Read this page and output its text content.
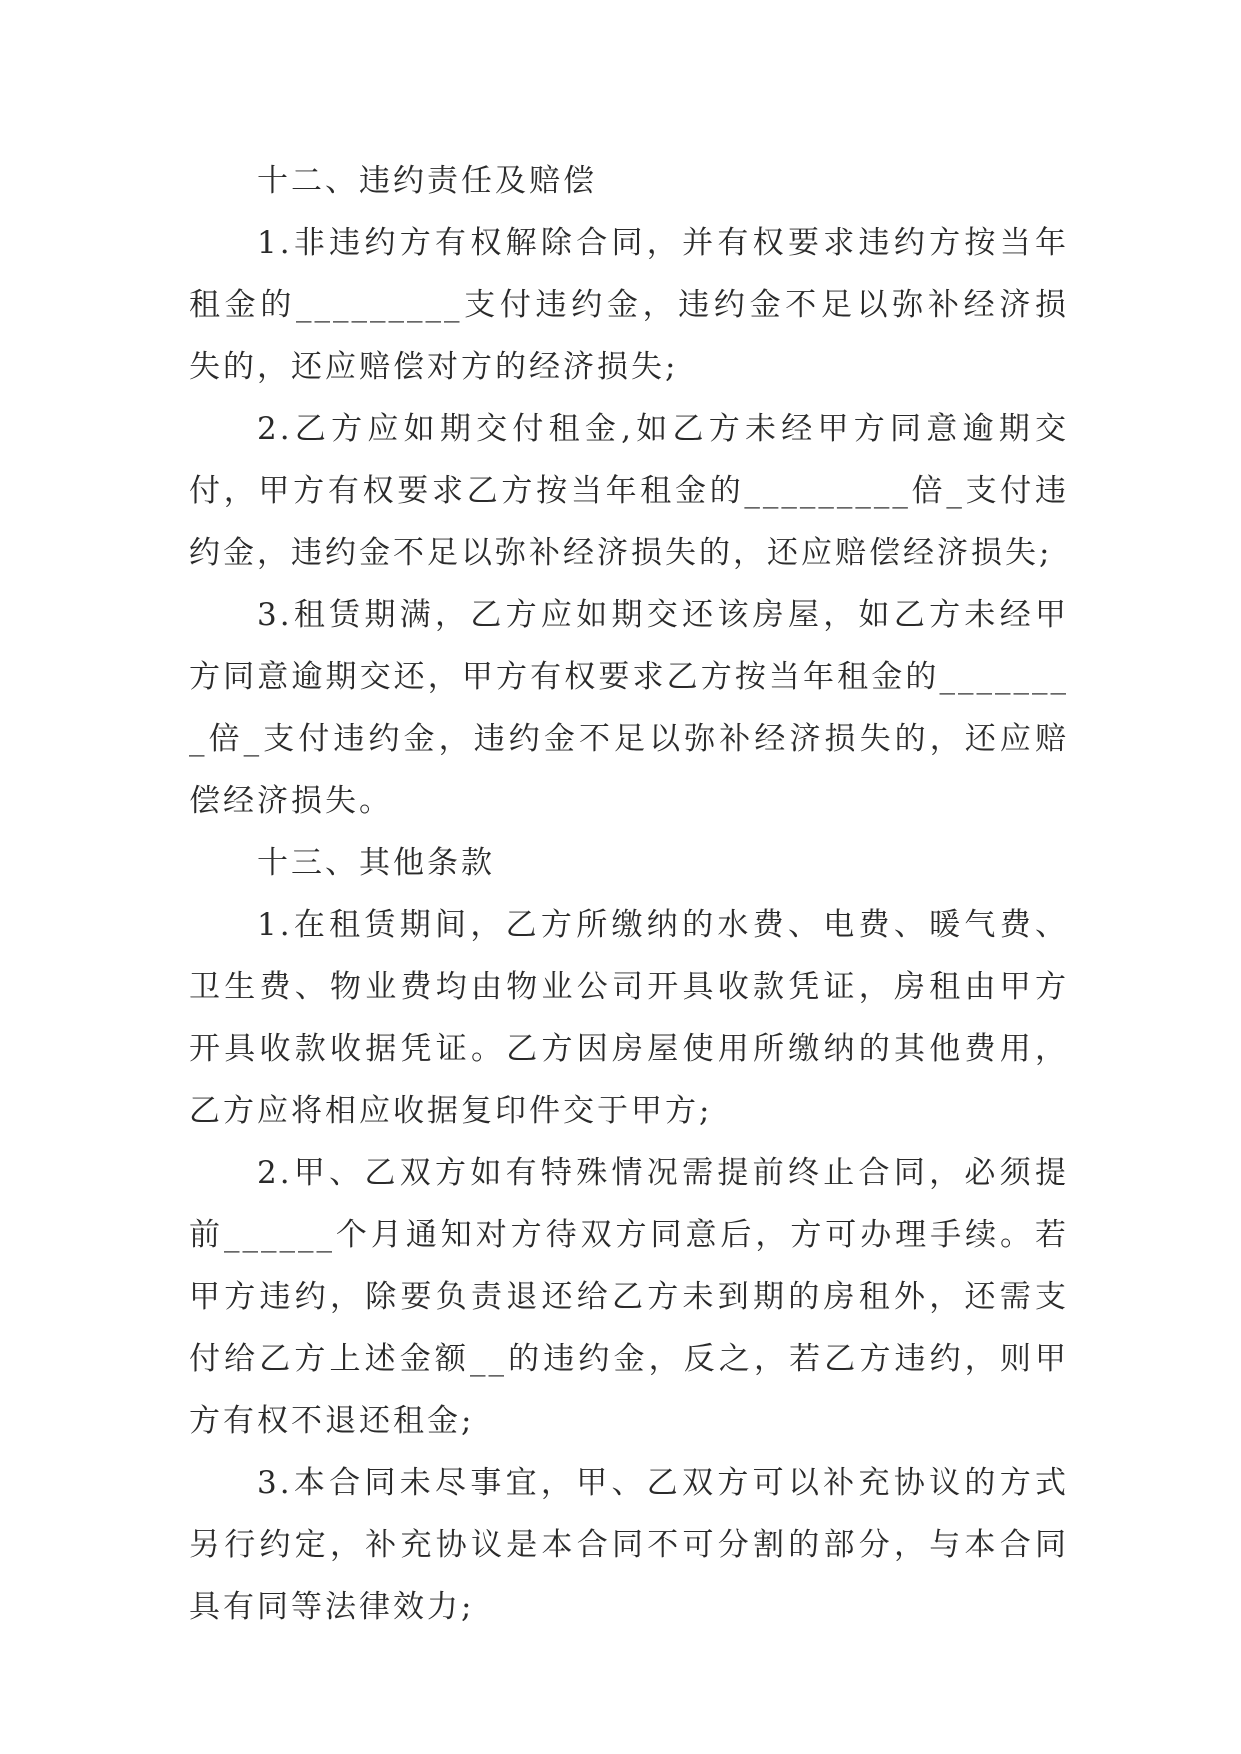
十二、违约责任及赔偿

1.非违约方有权解除合同，并有权要求违约方按当年租金的_________支付违约金，违约金不足以弥补经济损失的，还应赔偿对方的经济损失;

2.乙方应如期交付租金,如乙方未经甲方同意逾期交付，甲方有权要求乙方按当年租金的_________倍_支付违约金，违约金不足以弥补经济损失的，还应赔偿经济损失;

3.租赁期满，乙方应如期交还该房屋，如乙方未经甲方同意逾期交还，甲方有权要求乙方按当年租金的________倍_支付违约金，违约金不足以弥补经济损失的，还应赔偿经济损失。

十三、其他条款

1.在租赁期间，乙方所缴纳的水费、电费、暖气费、卫生费、物业费均由物业公司开具收款凭证，房租由甲方开具收款收据凭证。乙方因房屋使用所缴纳的其他费用，乙方应将相应收据复印件交于甲方;

2.甲、乙双方如有特殊情况需提前终止合同，必须提前______个月通知对方待双方同意后，方可办理手续。若甲方违约，除要负责退还给乙方未到期的房租外，还需支付给乙方上述金额__的违约金，反之，若乙方违约，则甲方有权不退还租金;

3.本合同未尽事宜，甲、乙双方可以补充协议的方式另行约定，补充协议是本合同不可分割的部分，与本合同具有同等法律效力;
